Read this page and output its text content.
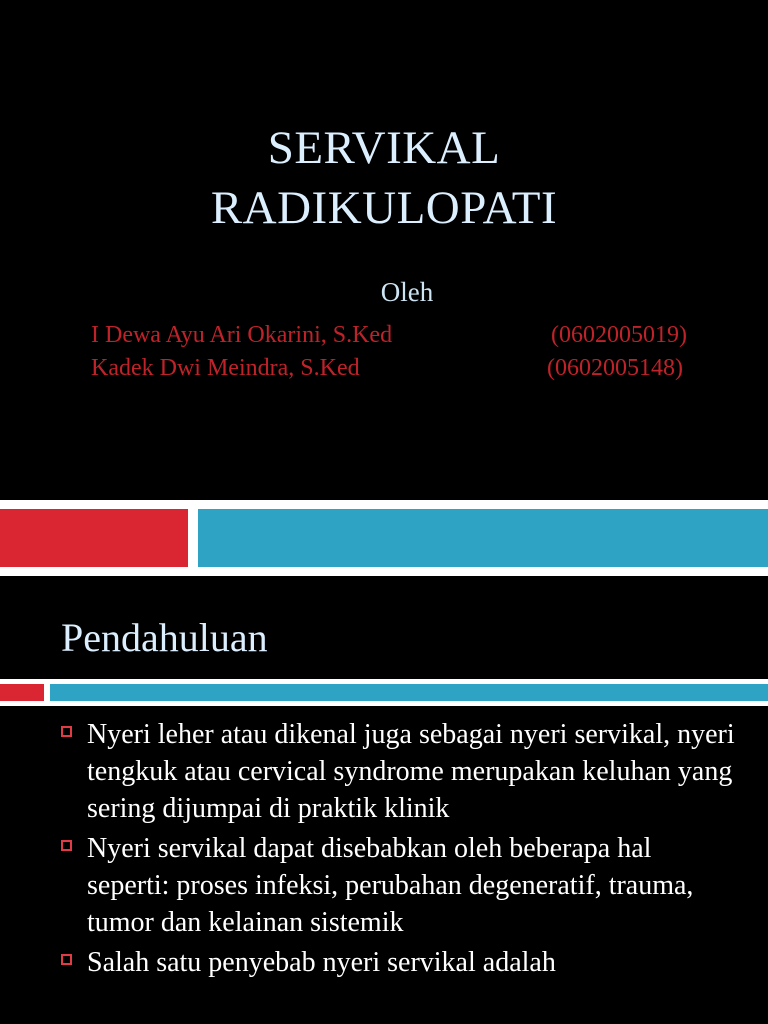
SERVIKAL
RADIKULOPATI
Oleh
I Dewa Ayu Ari Okarini, S.Ked	(0602005019)
Kadek Dwi Meindra, S.Ked	(0602005148)
Pendahuluan
Nyeri leher atau dikenal juga sebagai nyeri servikal, nyeri tengkuk atau cervical syndrome merupakan keluhan yang sering dijumpai di praktik klinik
Nyeri servikal dapat disebabkan oleh beberapa hal seperti: proses infeksi, perubahan degeneratif, trauma, tumor dan kelainan sistemik
Salah satu penyebab nyeri servikal adalah
